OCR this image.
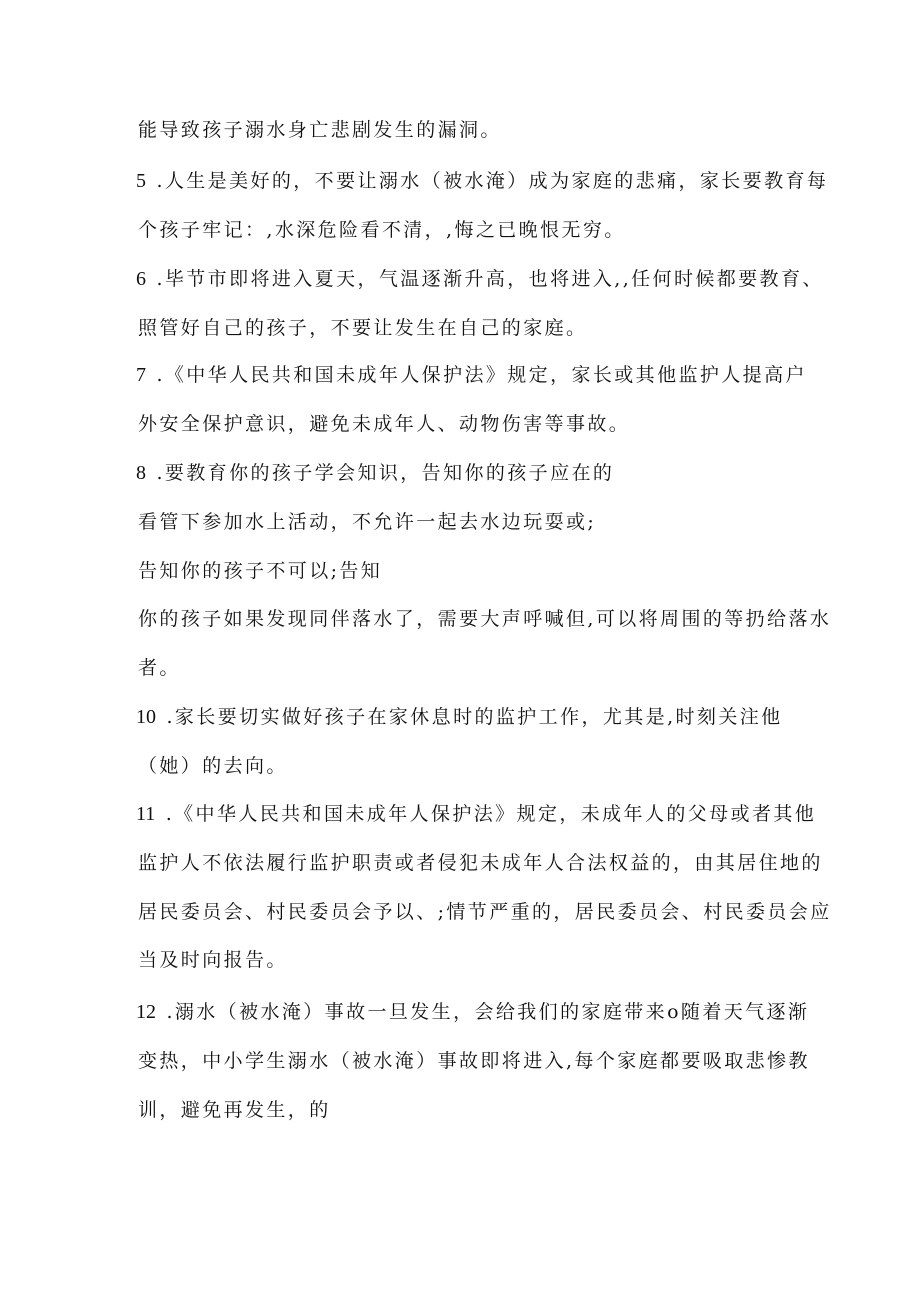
能导致孩子溺水身亡悲剧发生的漏洞。
5 .人生是美好的，不要让溺水（被水淹）成为家庭的悲痛，家长要教育每
个孩子牢记：,水深危险看不清，,悔之已晚恨无穷。
6 .毕节市即将进入夏天，气温逐渐升高，也将进入,,任何时候都要教育、
照管好自己的孩子，不要让发生在自己的家庭。
7 .《中华人民共和国未成年人保护法》规定，家长或其他监护人提高户
外安全保护意识，避免未成年人、动物伤害等事故。
8 .要教育你的孩子学会知识，告知你的孩子应在的
看管下参加水上活动，不允许一起去水边玩耍或;
告知你的孩子不可以;告知
你的孩子如果发现同伴落水了，需要大声呼喊但,可以将周围的等扔给落水
者。
10 .家长要切实做好孩子在家休息时的监护工作，尤其是,时刻关注他
（她）的去向。
11 .《中华人民共和国未成年人保护法》规定，未成年人的父母或者其他
监护人不依法履行监护职责或者侵犯未成年人合法权益的，由其居住地的
居民委员会、村民委员会予以、;情节严重的，居民委员会、村民委员会应
当及时向报告。
12 .溺水（被水淹）事故一旦发生，会给我们的家庭带来o随着天气逐渐
变热，中小学生溺水（被水淹）事故即将进入,每个家庭都要吸取悲惨教
训，避免再发生，的
